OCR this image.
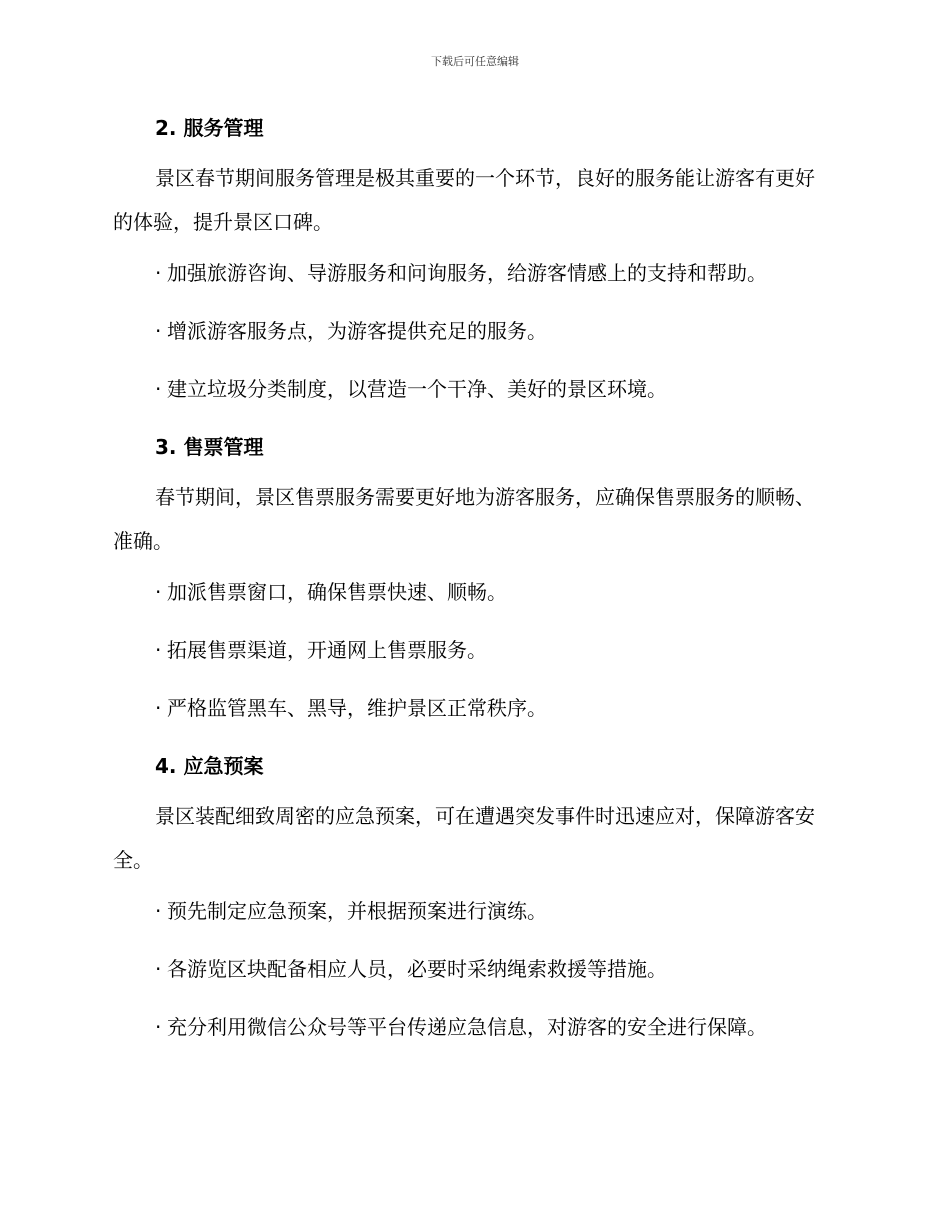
下载后可任意编辑
2. 服务管理
景区春节期间服务管理是极其重要的一个环节，良好的服务能让游客有更好的体验，提升景区口碑。
· 加强旅游咨询、导游服务和问询服务，给游客情感上的支持和帮助。
· 增派游客服务点，为游客提供充足的服务。
· 建立垃圾分类制度，以营造一个干净、美好的景区环境。
3. 售票管理
春节期间，景区售票服务需要更好地为游客服务，应确保售票服务的顺畅、准确。
· 加派售票窗口，确保售票快速、顺畅。
· 拓展售票渠道，开通网上售票服务。
· 严格监管黑车、黑导，维护景区正常秩序。
4. 应急预案
景区装配细致周密的应急预案，可在遭遇突发事件时迅速应对，保障游客安全。
· 预先制定应急预案，并根据预案进行演练。
· 各游览区块配备相应人员，必要时采纳绳索救援等措施。
· 充分利用微信公众号等平台传递应急信息，对游客的安全进行保障。
